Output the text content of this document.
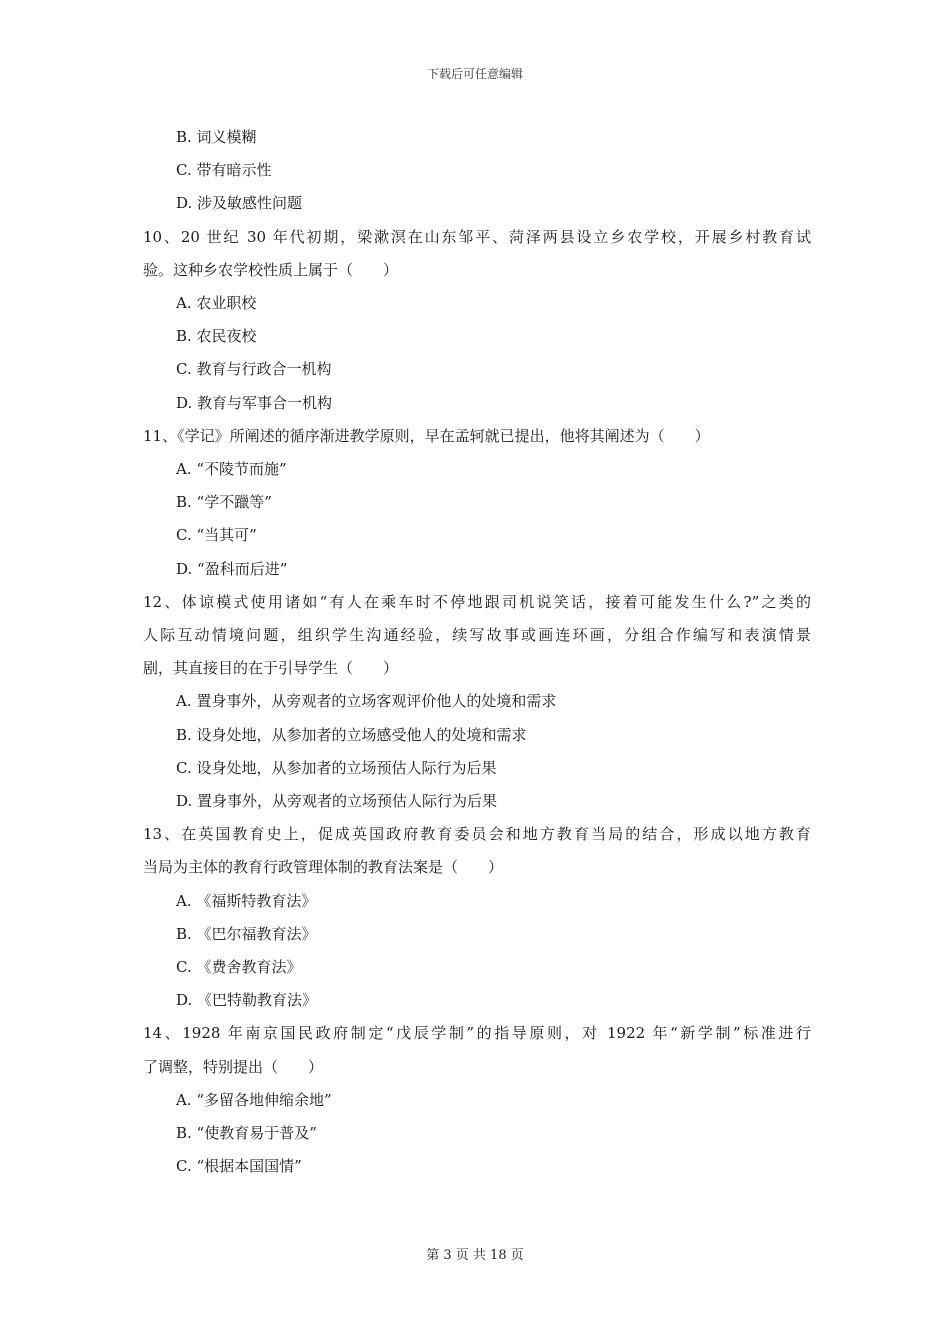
下载后可任意编辑

B. 词义模糊

C. 带有暗示性

D. 涉及敏感性问题

10、20 世纪 30 年代初期，梁漱溟在山东邹平、菏泽两县设立乡农学校，开展乡村教育试

验。这种乡农学校性质上属于（　　）

A. 农业职校

B. 农民夜校

C. 教育与行政合一机构

D. 教育与军事合一机构

11、《学记》所阐述的循序渐进教学原则，早在孟轲就已提出，他将其阐述为（　　）

A. “不陵节而施”

B. “学不躐等”

C. “当其可”

D. “盈科而后进”

12、体谅模式使用诸如“有人在乘车时不停地跟司机说笑话，接着可能发生什么?”之类的

人际互动情境问题，组织学生沟通经验，续写故事或画连环画，分组合作编写和表演情景

剧，其直接目的在于引导学生（　　）

A. 置身事外，从旁观者的立场客观评价他人的处境和需求

B. 设身处地，从参加者的立场感受他人的处境和需求

C. 设身处地，从参加者的立场预估人际行为后果

D. 置身事外，从旁观者的立场预估人际行为后果

13、在英国教育史上，促成英国政府教育委员会和地方教育当局的结合，形成以地方教育

当局为主体的教育行政管理体制的教育法案是（　　）

A. 《福斯特教育法》

B. 《巴尔福教育法》

C. 《费舍教育法》

D. 《巴特勒教育法》

14、1928 年南京国民政府制定“戊辰学制”的指导原则，对 1922 年“新学制”标准进行

了调整，特别提出（　　）

A. “多留各地伸缩余地”

B. “使教育易于普及”

C. “根据本国国情”

第 3 页 共 18 页
